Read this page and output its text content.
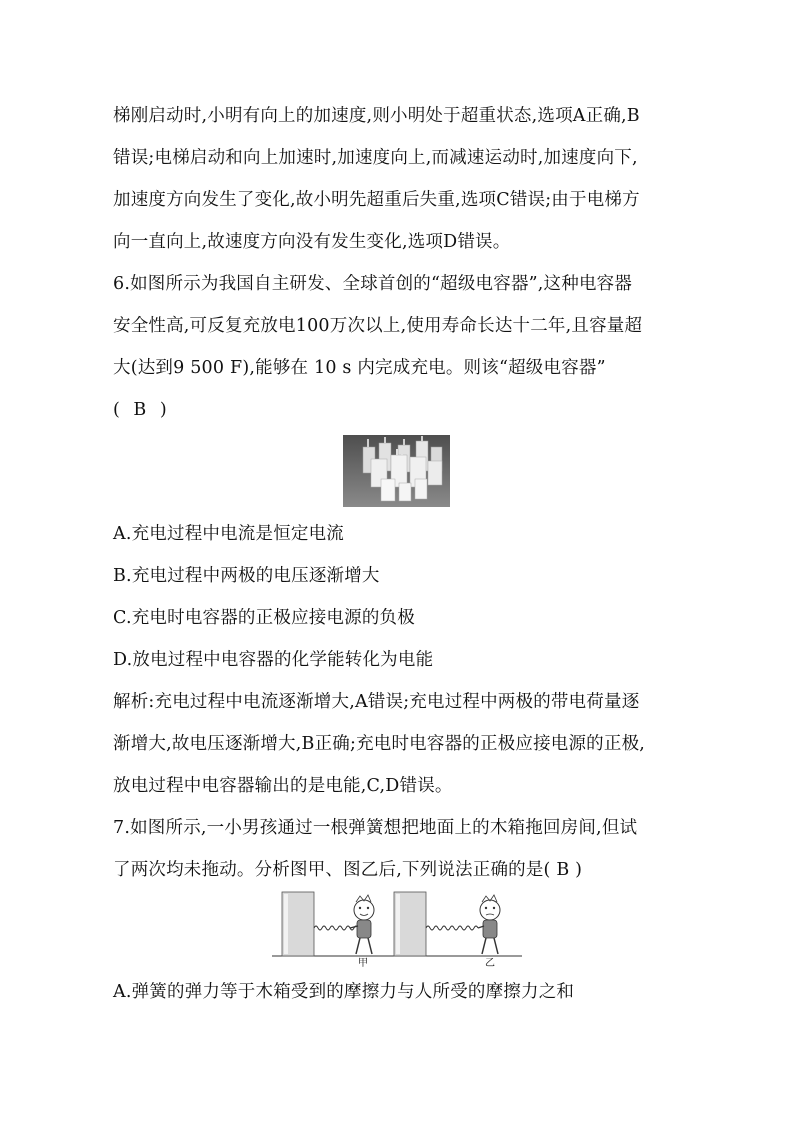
梯刚启动时,小明有向上的加速度,则小明处于超重状态,选项A正确,B
错误;电梯启动和向上加速时,加速度向上,而减速运动时,加速度向下,
加速度方向发生了变化,故小明先超重后失重,选项C错误;由于电梯方
向一直向上,故速度方向没有发生变化,选项D错误。
6.如图所示为我国自主研发、全球首创的“超级电容器”,这种电容器
安全性高,可反复充放电100万次以上,使用寿命长达十二年,且容量超
大(达到9 500 F),能够在 10 s 内完成充电。则该“超级电容器”
( B )
A.充电过程中电流是恒定电流
B.充电过程中两极的电压逐渐增大
C.充电时电容器的正极应接电源的负极
D.放电过程中电容器的化学能转化为电能
解析:充电过程中电流逐渐增大,A错误;充电过程中两极的带电荷量逐
渐增大,故电压逐渐增大,B正确;充电时电容器的正极应接电源的正极,
放电过程中电容器输出的是电能,C,D错误。
7.如图所示,一小男孩通过一根弹簧想把地面上的木箱拖回房间,但试
了两次均未拖动。分析图甲、图乙后,下列说法正确的是( B )
甲	乙
A.弹簧的弹力等于木箱受到的摩擦力与人所受的摩擦力之和
